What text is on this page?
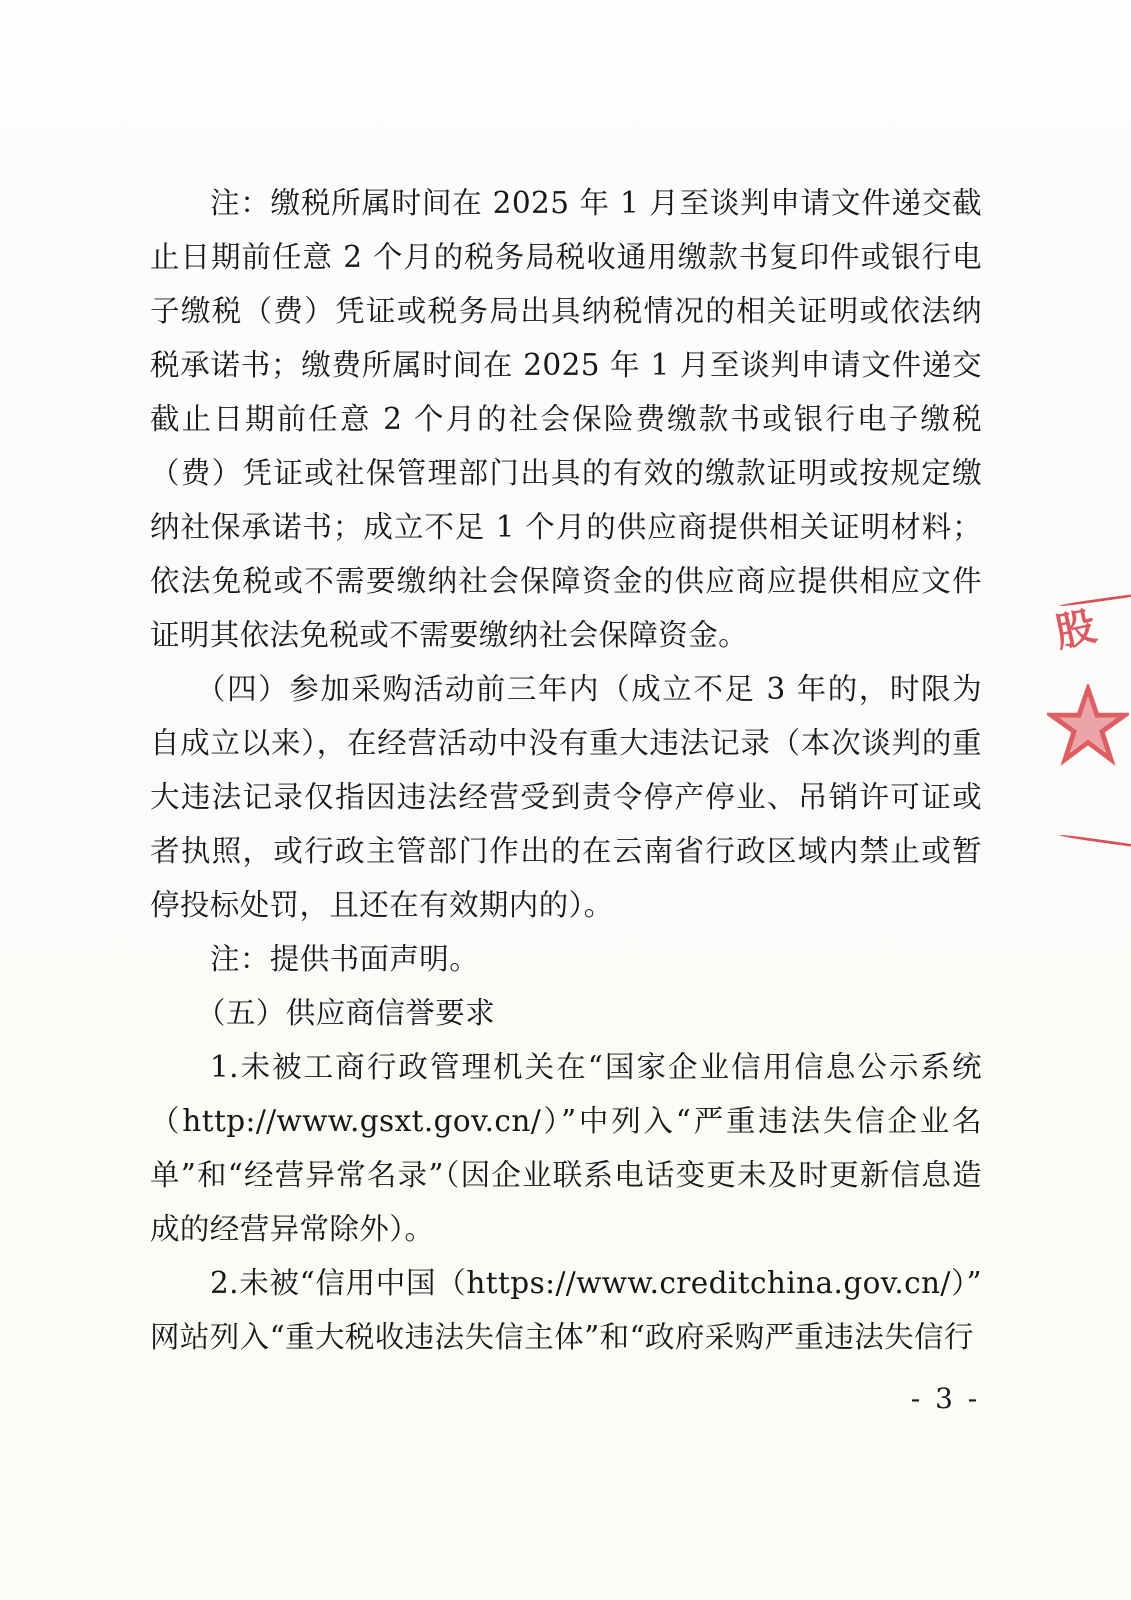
注：缴税所属时间在 2025 年 1 月至谈判申请文件递交截止日期前任意 2 个月的税务局税收通用缴款书复印件或银行电子缴税（费）凭证或税务局出具纳税情况的相关证明或依法纳税承诺书；缴费所属时间在 2025 年 1 月至谈判申请文件递交截止日期前任意 2 个月的社会保险费缴款书或银行电子缴税（费）凭证或社保管理部门出具的有效的缴款证明或按规定缴纳社保承诺书；成立不足 1 个月的供应商提供相关证明材料；依法免税或不需要缴纳社会保障资金的供应商应提供相应文件证明其依法免税或不需要缴纳社会保障资金。

（四）参加采购活动前三年内（成立不足 3 年的，时限为自成立以来），在经营活动中没有重大违法记录（本次谈判的重大违法记录仅指因违法经营受到责令停产停业、吊销许可证或者执照，或行政主管部门作出的在云南省行政区域内禁止或暂停投标处罚，且还在有效期内的）。

注：提供书面声明。

（五）供应商信誉要求

1.未被工商行政管理机关在“国家企业信用信息公示系统（http://www.gsxt.gov.cn/）”中列入“严重违法失信企业名单”和“经营异常名录”（因企业联系电话变更未及时更新信息造成的经营异常除外）。

2.未被“信用中国（https://www.creditchina.gov.cn/）”网站列入“重大税收违法失信主体”和“政府采购严重违法失信行

股
- 3 -
